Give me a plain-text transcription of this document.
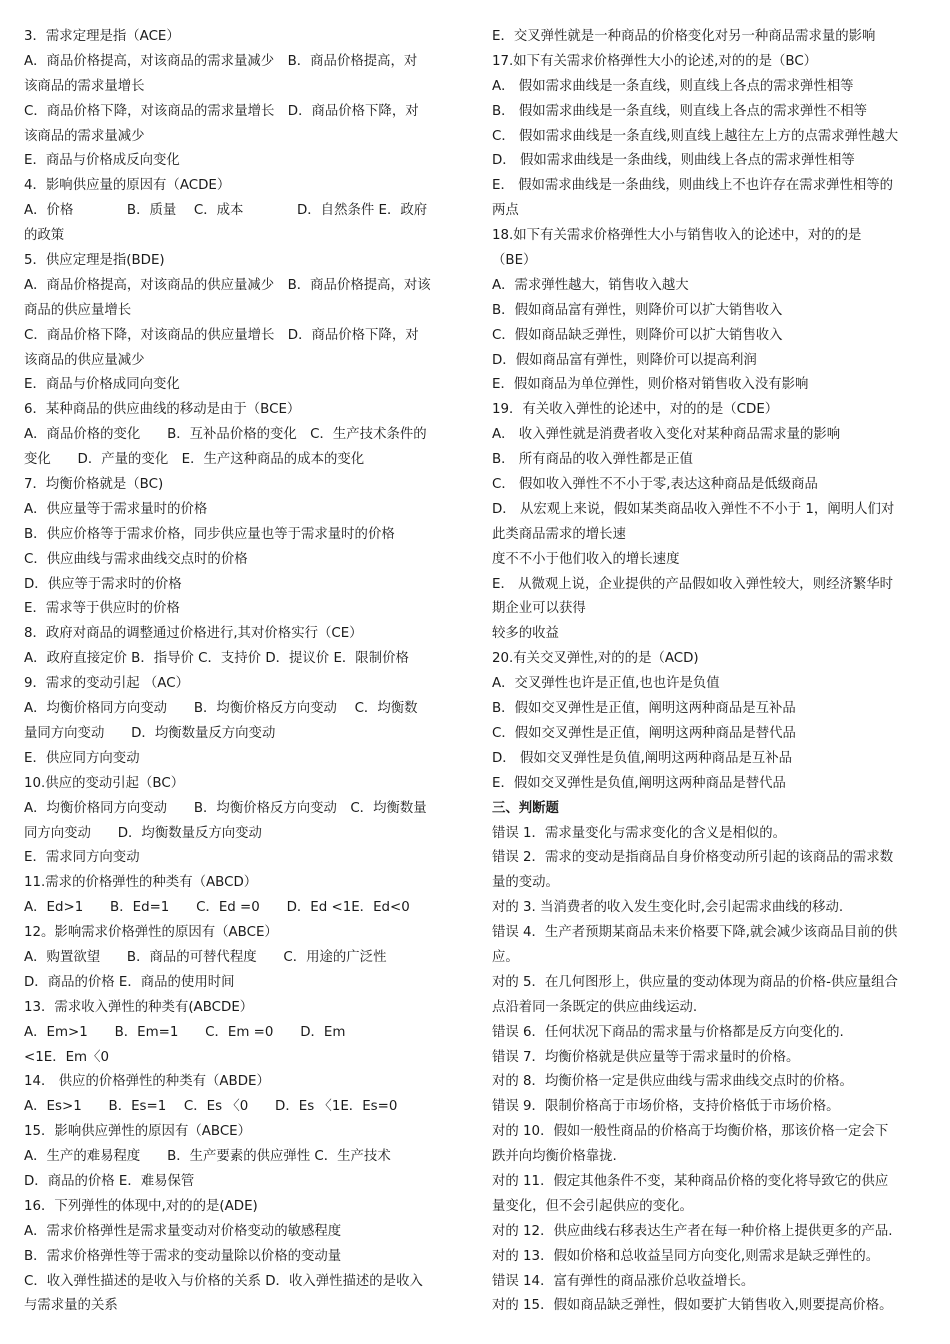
3．需求定理是指（ACE）
A．商品价格提高，对该商品的需求量减少　B．商品价格提高，对
该商品的需求量增长
C．商品价格下降，对该商品的需求量增长　D．商品价格下降，对
该商品的需求量减少
E．商品与价格成反向变化
4．影响供应量的原因有（ACDE）
A．价格　　　　B．质量　 C．成本　　　　D．自然条件 E．政府
的政策
5．供应定理是指(BDE)
A．商品价格提高，对该商品的供应量减少　B．商品价格提高，对该
商品的供应量增长
C．商品价格下降，对该商品的供应量增长　D．商品价格下降，对
该商品的供应量减少
E．商品与价格成同向变化
6．某种商品的供应曲线的移动是由于（BCE）
A．商品价格的变化　　B．互补品价格的变化　C．生产技术条件的
变化　　D．产量的变化　E．生产这种商品的成本的变化
7．均衡价格就是（BC)
A．供应量等于需求量时的价格
B．供应价格等于需求价格，同步供应量也等于需求量时的价格
C．供应曲线与需求曲线交点时的价格
D．供应等于需求时的价格
E．需求等于供应时的价格
8．政府对商品的调整通过价格进行,其对价格实行（CE）
A．政府直接定价 B．指导价 C．支持价 D．提议价 E．限制价格
9．需求的变动引起 （AC）
A．均衡价格同方向变动　　B．均衡价格反方向变动　 C．均衡数
量同方向变动　　D．均衡数量反方向变动
E．供应同方向变动
10.供应的变动引起（BC）
A．均衡价格同方向变动　　B．均衡价格反方向变动　C．均衡数量
同方向变动　　D．均衡数量反方向变动
E．需求同方向变动
11.需求的价格弹性的种类有（ABCD）
A．Ed>1　　B．Ed=1　　C．Ed =0　　D．Ed <1E．Ed<0
12。影响需求价格弹性的原因有（ABCE）
A．购置欲望　　B．商品的可替代程度　　C．用途的广泛性
D．商品的价格 E．商品的使用时间
13．需求收入弹性的种类有(ABCDE）
A．Em>1　　B．Em=1　　C．Em =0　　D．Em
<1E．Em〈0
14． 供应的价格弹性的种类有（ABDE）
A．Es>1　　B．Es=1　 C．Es 〈0　　D．Es 〈1E．Es=0
15．影响供应弹性的原因有（ABCE）
A．生产的难易程度　　B．生产要素的供应弹性 C．生产技术
D．商品的价格 E．难易保管
16．下列弹性的体现中,对的的是(ADE)
A．需求价格弹性是需求量变动对价格变动的敏感程度
B．需求价格弹性等于需求的变动量除以价格的变动量
C．收入弹性描述的是收入与价格的关系 D．收入弹性描述的是收入
与需求量的关系
E．交叉弹性就是一种商品的价格变化对另一种商品需求量的影响
17.如下有关需求价格弹性大小的论述,对的的是（BC）
A． 假如需求曲线是一条直线，则直线上各点的需求弹性相等
B． 假如需求曲线是一条直线，则直线上各点的需求弹性不相等
C． 假如需求曲线是一条直线,则直线上越往左上方的点需求弹性越大
D． 假如需求曲线是一条曲线，则曲线上各点的需求弹性相等
E． 假如需求曲线是一条曲线，则曲线上不也许存在需求弹性相等的
两点
18.如下有关需求价格弹性大小与销售收入的论述中，对的的是
（BE）
A．需求弹性越大，销售收入越大
B．假如商品富有弹性，则降价可以扩大销售收入
C．假如商品缺乏弹性，则降价可以扩大销售收入
D．假如商品富有弹性，则降价可以提高利润
E．假如商品为单位弹性，则价格对销售收入没有影响
19．有关收入弹性的论述中，对的的是（CDE）
A． 收入弹性就是消费者收入变化对某种商品需求量的影响
B． 所有商品的收入弹性都是正值
C． 假如收入弹性不不小于零,表达这种商品是低级商品
D． 从宏观上来说，假如某类商品收入弹性不不小于 1，阐明人们对
此类商品需求的增长速
度不不小于他们收入的增长速度
E． 从微观上说，企业提供的产品假如收入弹性较大，则经济繁华时
期企业可以获得
较多的收益
20.有关交叉弹性,对的的是（ACD)
A．交叉弹性也许是正值,也也许是负值
B．假如交叉弹性是正值，阐明这两种商品是互补品
C．假如交叉弹性是正值，阐明这两种商品是替代品
D． 假如交叉弹性是负值,阐明这两种商品是互补品
E．假如交叉弹性是负值,阐明这两种商品是替代品
三、判断题
错误 1．需求量变化与需求变化的含义是相似的。
错误 2．需求的变动是指商品自身价格变动所引起的该商品的需求数
量的变动。
对的 3. 当消费者的收入发生变化时,会引起需求曲线的移动.
错误 4．生产者预期某商品未来价格要下降,就会减少该商品目前的供
应。
对的 5．在几何图形上，供应量的变动体现为商品的价格-供应量组合
点沿着同一条既定的供应曲线运动.
错误 6．任何状况下商品的需求量与价格都是反方向变化的.
错误 7．均衡价格就是供应量等于需求量时的价格。
对的 8．均衡价格一定是供应曲线与需求曲线交点时的价格。
错误 9．限制价格高于市场价格，支持价格低于市场价格。
对的 10．假如一般性商品的价格高于均衡价格，那该价格一定会下
跌并向均衡价格靠拢.
对的 11．假定其他条件不变，某种商品价格的变化将导致它的供应
量变化，但不会引起供应的变化。
对的 12．供应曲线右移表达生产者在每一种价格上提供更多的产品.
对的 13．假如价格和总收益呈同方向变化,则需求是缺乏弹性的。
错误 14．富有弹性的商品涨价总收益增长。
对的 15．假如商品缺乏弹性，假如要扩大销售收入,则要提高价格。
